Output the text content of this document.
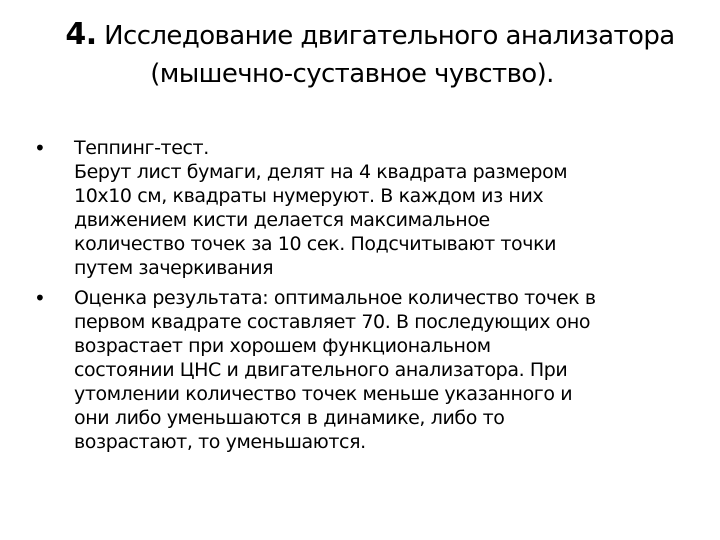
4. Исследование двигательного анализатора
(мышечно-суставное чувство).
• Теппинг-тест.
Берут лист бумаги, делят на 4 квадрата размером
10х10 см, квадраты нумеруют. В каждом из них
движением кисти делается максимальное
количество точек за 10 сек. Подсчитывают точки
путем зачеркивания
• Оценка результата: оптимальное количество точек в
первом квадрате составляет 70. В последующих оно
возрастает при хорошем функциональном
состоянии ЦНС и двигательного анализатора. При
утомлении количество точек меньше указанного и
они либо уменьшаются в динамике, либо то
возрастают, то уменьшаются.
